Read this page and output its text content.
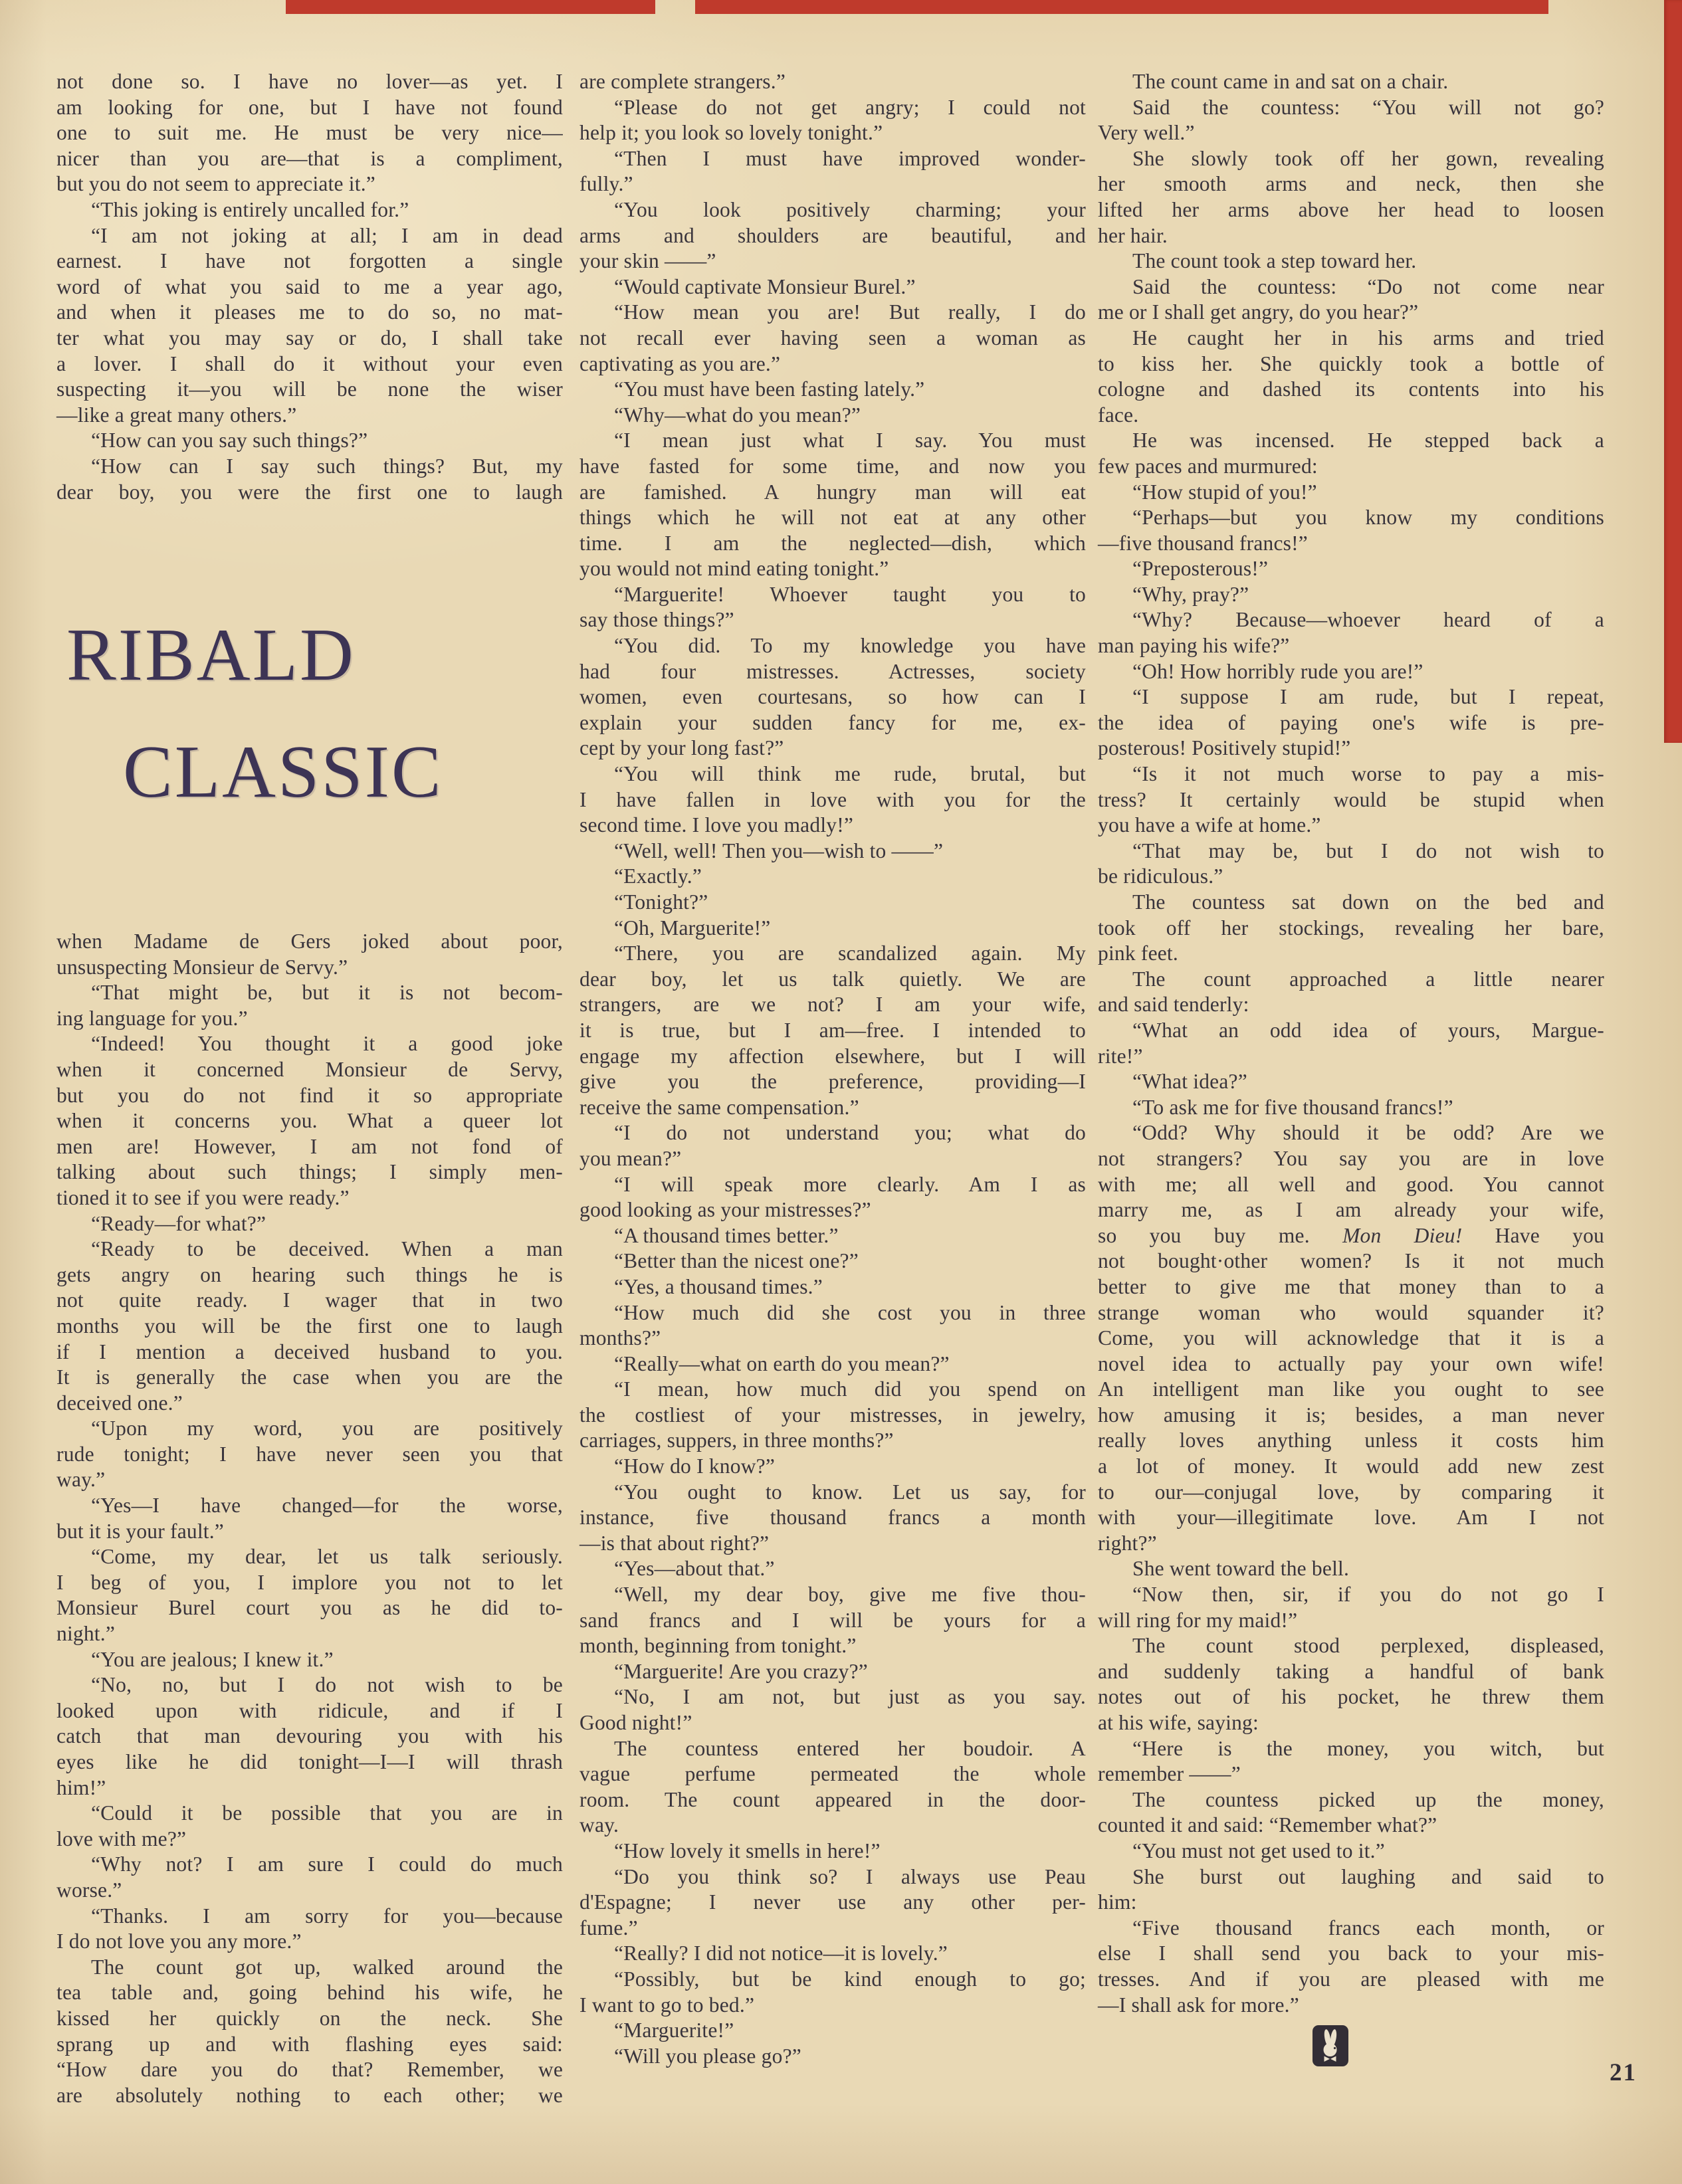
not done so. I have no lover—as yet. I
am looking for one, but I have not found
one to suit me. He must be very nice—
nicer than you are—that is a compliment,
but you do not seem to appreciate it.”
“This joking is entirely uncalled for.”
“I am not joking at all; I am in dead
earnest. I have not forgotten a single
word of what you said to me a year ago,
and when it pleases me to do so, no mat-
ter what you may say or do, I shall take
a lover. I shall do it without your even
suspecting it—you will be none the wiser
—like a great many others.”
“How can you say such things?”
“How can I say such things? But, my
dear boy, you were the first one to laugh
RIBALD
CLASSIC
when Madame de Gers joked about poor,
unsuspecting Monsieur de Servy.”
“That might be, but it is not becom-
ing language for you.”
“Indeed! You thought it a good joke
when it concerned Monsieur de Servy,
but you do not find it so appropriate
when it concerns you. What a queer lot
men are! However, I am not fond of
talking about such things; I simply men-
tioned it to see if you were ready.”
“Ready—for what?”
“Ready to be deceived. When a man
gets angry on hearing such things he is
not quite ready. I wager that in two
months you will be the first one to laugh
if I mention a deceived husband to you.
It is generally the case when you are the
deceived one.”
“Upon my word, you are positively
rude tonight; I have never seen you that
way.”
“Yes—I have changed—for the worse,
but it is your fault.”
“Come, my dear, let us talk seriously.
I beg of you, I implore you not to let
Monsieur Burel court you as he did to-
night.”
“You are jealous; I knew it.”
“No, no, but I do not wish to be
looked upon with ridicule, and if I
catch that man devouring you with his
eyes like he did tonight—I—I will thrash
him!”
“Could it be possible that you are in
love with me?”
“Why not? I am sure I could do much
worse.”
“Thanks. I am sorry for you—because
I do not love you any more.”
The count got up, walked around the
tea table and, going behind his wife, he
kissed her quickly on the neck. She
sprang up and with flashing eyes said:
“How dare you do that? Remember, we
are absolutely nothing to each other; we
are complete strangers.”
“Please do not get angry; I could not
help it; you look so lovely tonight.”
“Then I must have improved wonder-
fully.”
“You look positively charming; your
arms and shoulders are beautiful, and
your skin ——”
“Would captivate Monsieur Burel.”
“How mean you are! But really, I do
not recall ever having seen a woman as
captivating as you are.”
“You must have been fasting lately.”
“Why—what do you mean?”
“I mean just what I say. You must
have fasted for some time, and now you
are famished. A hungry man will eat
things which he will not eat at any other
time. I am the neglected—dish, which
you would not mind eating tonight.”
“Marguerite! Whoever taught you to
say those things?”
“You did. To my knowledge you have
had four mistresses. Actresses, society
women, even courtesans, so how can I
explain your sudden fancy for me, ex-
cept by your long fast?”
“You will think me rude, brutal, but
I have fallen in love with you for the
second time. I love you madly!”
“Well, well! Then you—wish to ——”
“Exactly.”
“Tonight?”
“Oh, Marguerite!”
“There, you are scandalized again. My
dear boy, let us talk quietly. We are
strangers, are we not? I am your wife,
it is true, but I am—free. I intended to
engage my affection elsewhere, but I will
give you the preference, providing—I
receive the same compensation.”
“I do not understand you; what do
you mean?”
“I will speak more clearly. Am I as
good looking as your mistresses?”
“A thousand times better.”
“Better than the nicest one?”
“Yes, a thousand times.”
“How much did she cost you in three
months?”
“Really—what on earth do you mean?”
“I mean, how much did you spend on
the costliest of your mistresses, in jewelry,
carriages, suppers, in three months?”
“How do I know?”
“You ought to know. Let us say, for
instance, five thousand francs a month
—is that about right?”
“Yes—about that.”
“Well, my dear boy, give me five thou-
sand francs and I will be yours for a
month, beginning from tonight.”
“Marguerite! Are you crazy?”
“No, I am not, but just as you say.
Good night!”
The countess entered her boudoir. A
vague perfume permeated the whole
room. The count appeared in the door-
way.
“How lovely it smells in here!”
“Do you think so? I always use Peau
d'Espagne; I never use any other per-
fume.”
“Really? I did not notice—it is lovely.”
“Possibly, but be kind enough to go;
I want to go to bed.”
“Marguerite!”
“Will you please go?”
The count came in and sat on a chair.
Said the countess: “You will not go?
Very well.”
She slowly took off her gown, revealing
her smooth arms and neck, then she
lifted her arms above her head to loosen
her hair.
The count took a step toward her.
Said the countess: “Do not come near
me or I shall get angry, do you hear?”
He caught her in his arms and tried
to kiss her. She quickly took a bottle of
cologne and dashed its contents into his
face.
He was incensed. He stepped back a
few paces and murmured:
“How stupid of you!”
“Perhaps—but you know my conditions
—five thousand francs!”
“Preposterous!”
“Why, pray?”
“Why? Because—whoever heard of a
man paying his wife?”
“Oh! How horribly rude you are!”
“I suppose I am rude, but I repeat,
the idea of paying one's wife is pre-
posterous! Positively stupid!”
“Is it not much worse to pay a mis-
tress? It certainly would be stupid when
you have a wife at home.”
“That may be, but I do not wish to
be ridiculous.”
The countess sat down on the bed and
took off her stockings, revealing her bare,
pink feet.
The count approached a little nearer
and said tenderly:
“What an odd idea of yours, Margue-
rite!”
“What idea?”
“To ask me for five thousand francs!”
“Odd? Why should it be odd? Are we
not strangers? You say you are in love
with me; all well and good. You cannot
marry me, as I am already your wife,
so you buy me. Mon Dieu! Have you
not bought·other women? Is it not much
better to give me that money than to a
strange woman who would squander it?
Come, you will acknowledge that it is a
novel idea to actually pay your own wife!
An intelligent man like you ought to see
how amusing it is; besides, a man never
really loves anything unless it costs him
a lot of money. It would add new zest
to our—conjugal love, by comparing it
with your—illegitimate love. Am I not
right?”
She went toward the bell.
“Now then, sir, if you do not go I
will ring for my maid!”
The count stood perplexed, displeased,
and suddenly taking a handful of bank
notes out of his pocket, he threw them
at his wife, saying:
“Here is the money, you witch, but
remember ——”
The countess picked up the money,
counted it and said: “Remember what?”
“You must not get used to it.”
She burst out laughing and said to
him:
“Five thousand francs each month, or
else I shall send you back to your mis-
tresses. And if you are pleased with me
—I shall ask for more.”
21
